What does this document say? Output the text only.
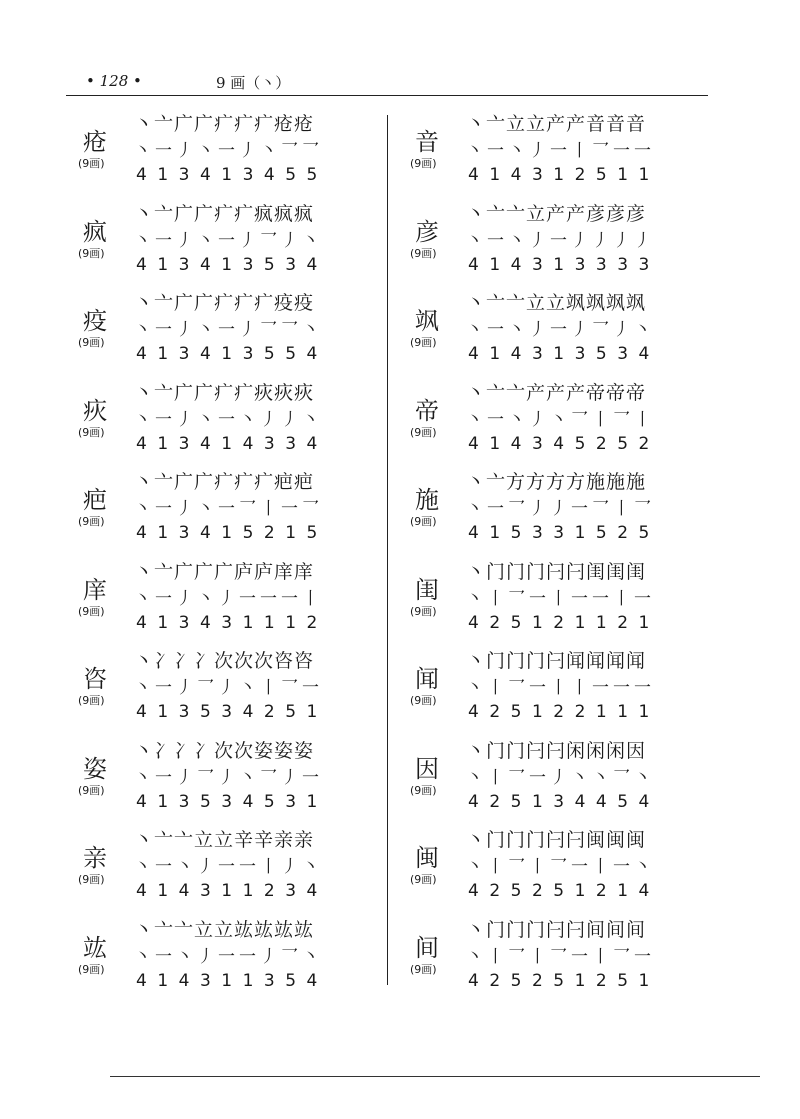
• 128 •	9 画（丶）
疮
(9画)
丶亠广广疒疒疒疮疮
丶一丿丶一丿丶乛乛
413413455
疯
(9画)
丶亠广广疒疒疯疯疯
丶一丿丶一丿乛丿丶
413413534
疫
(9画)
丶亠广广疒疒疒疫疫
丶一丿丶一丿乛乛丶
413413554
疢
(9画)
丶亠广广疒疒疢疢疢
丶一丿丶一丶丿丿丶
413414334
疤
(9画)
丶亠广广疒疒疒疤疤
丶一丿丶一乛丨一乛
413415215
庠
(9画)
丶亠广广广庐庐庠庠
丶一丿丶丿一一一丨
413431112
咨
(9画)
丶冫冫冫次次次咨咨
丶一丿乛丿丶丨乛一
413534251
姿
(9画)
丶冫冫冫次次姿姿姿
丶一丿乛丿丶乛丿一
413534531
亲
(9画)
丶亠亠立立辛辛亲亲
丶一丶丿一一丨丿丶
414311234
竑
(9画)
丶亠亠立立竑竑竑竑
丶一丶丿一一丿乛丶
414311354
音
(9画)
丶亠立立产产音音音
丶一丶丿一丨乛一一
414312511
彦
(9画)
丶亠亠立产产彦彦彦
丶一丶丿一丿丿丿丿
414313333
飒
(9画)
丶亠亠立立飒飒飒飒
丶一丶丿一丿乛丿丶
414313534
帝
(9画)
丶亠亠产产产帝帝帝
丶一丶丿丶乛丨乛丨
414345252
施
(9画)
丶亠方方方方施施施
丶一乛丿丿一乛丨乛
415331525
闺
(9画)
丶门门门闩闩闺闺闺
丶丨乛一丨一一丨一
425121121
闻
(9画)
丶门门门闩闻闻闻闻
丶丨乛一丨丨一一一
425122111
因
(9画)
丶门门闩闩闲闲闲因
丶丨乛一丿丶丶乛丶
425134454
闽
(9画)
丶门门门闩闩闽闽闽
丶丨乛丨乛一丨一丶
425251214
间
(9画)
丶门门门闩闩间间间
丶丨乛丨乛一丨乛一
425251251
